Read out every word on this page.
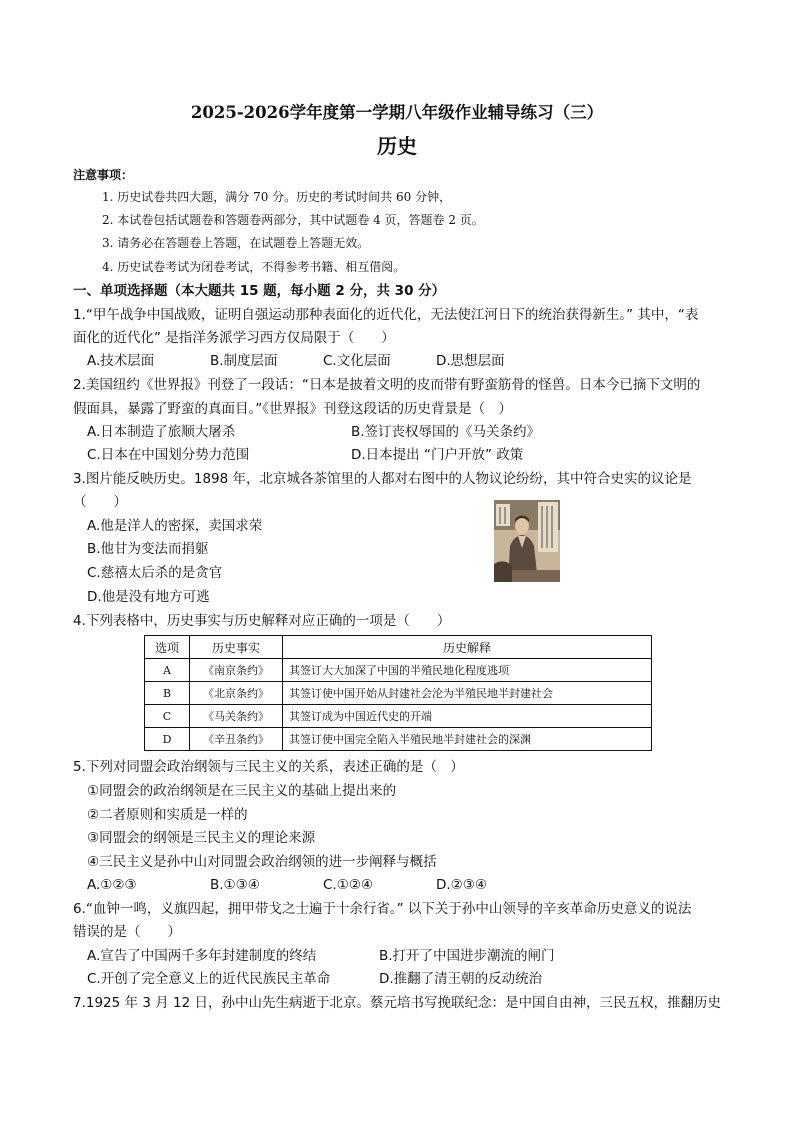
2025-2026学年度第一学期八年级作业辅导练习（三）
历史
注意事项：
1. 历史试卷共四大题，满分 70 分。历史的考试时间共 60 分钟，
2. 本试卷包括试题卷和答题卷两部分，其中试题卷 4 页，答题卷 2 页。
3. 请务必在答题卷上答题，在试题卷上答题无效。
4. 历史试卷考试为闭卷考试，不得参考书籍、相互借阅。
一、单项选择题（本大题共 15 题，每小题 2 分，共 30 分）
1.“甲午战争中国战败，证明自强运动那种表面化的近代化，无法使江河日下的统治获得新生。” 其中，“表
面化的近代化” 是指洋务派学习西方仅局限于（　　）
A.技术层面	B.制度层面	C.文化层面	D.思想层面
2.美国纽约《世界报》刊登了一段话：“日本是披着文明的皮而带有野蛮筋骨的怪兽。日本今已摘下文明的
假面具，暴露了野蛮的真面目。”《世界报》刊登这段话的历史背景是（　）
A.日本制造了旅顺大屠杀	B.签订丧权辱国的《马关条约》
C.日本在中国划分势力范围	D.日本提出 “门户开放” 政策
3.图片能反映历史。1898 年，北京城各茶馆里的人都对右图中的人物议论纷纷，其中符合史实的议论是
（　　）
A.他是洋人的密探，卖国求荣
B.他甘为变法而捐躯
C.慈禧太后杀的是贪官
D.他是没有地方可逃
4.下列表格中，历史事实与历史解释对应正确的一项是（　　）
选项	历史事实	历史解释
A	《南京条约》	其签订大大加深了中国的半殖民地化程度逃项
B	《北京条约》	其签订使中国开始从封建社会沦为半殖民地半封建社会
C	《马关条约》	其签订成为中国近代史的开端
D	《辛丑条约》	其签订使中国完全陷入半殖民地半封建社会的深渊
5.下列对同盟会政治纲领与三民主义的关系，表述正确的是（　）
①同盟会的政治纲领是在三民主义的基础上提出来的
②二者原则和实质是一样的
③同盟会的纲领是三民主义的理论来源
④三民主义是孙中山对同盟会政治纲领的进一步阐释与概括
A.①②③	B.①③④	C.①②④	D.②③④
6.“血钟一鸣，义旗四起，拥甲带戈之士遍于十余行省。” 以下关于孙中山领导的辛亥革命历史意义的说法
错误的是（　　）
A.宣告了中国两千多年封建制度的终结	B.打开了中国进步潮流的闸门
C.开创了完全意义上的近代民族民主革命	D.推翻了清王朝的反动统治
7.1925 年 3 月 12 日，孙中山先生病逝于北京。蔡元培书写挽联纪念：是中国自由神，三民五权，推翻历史
